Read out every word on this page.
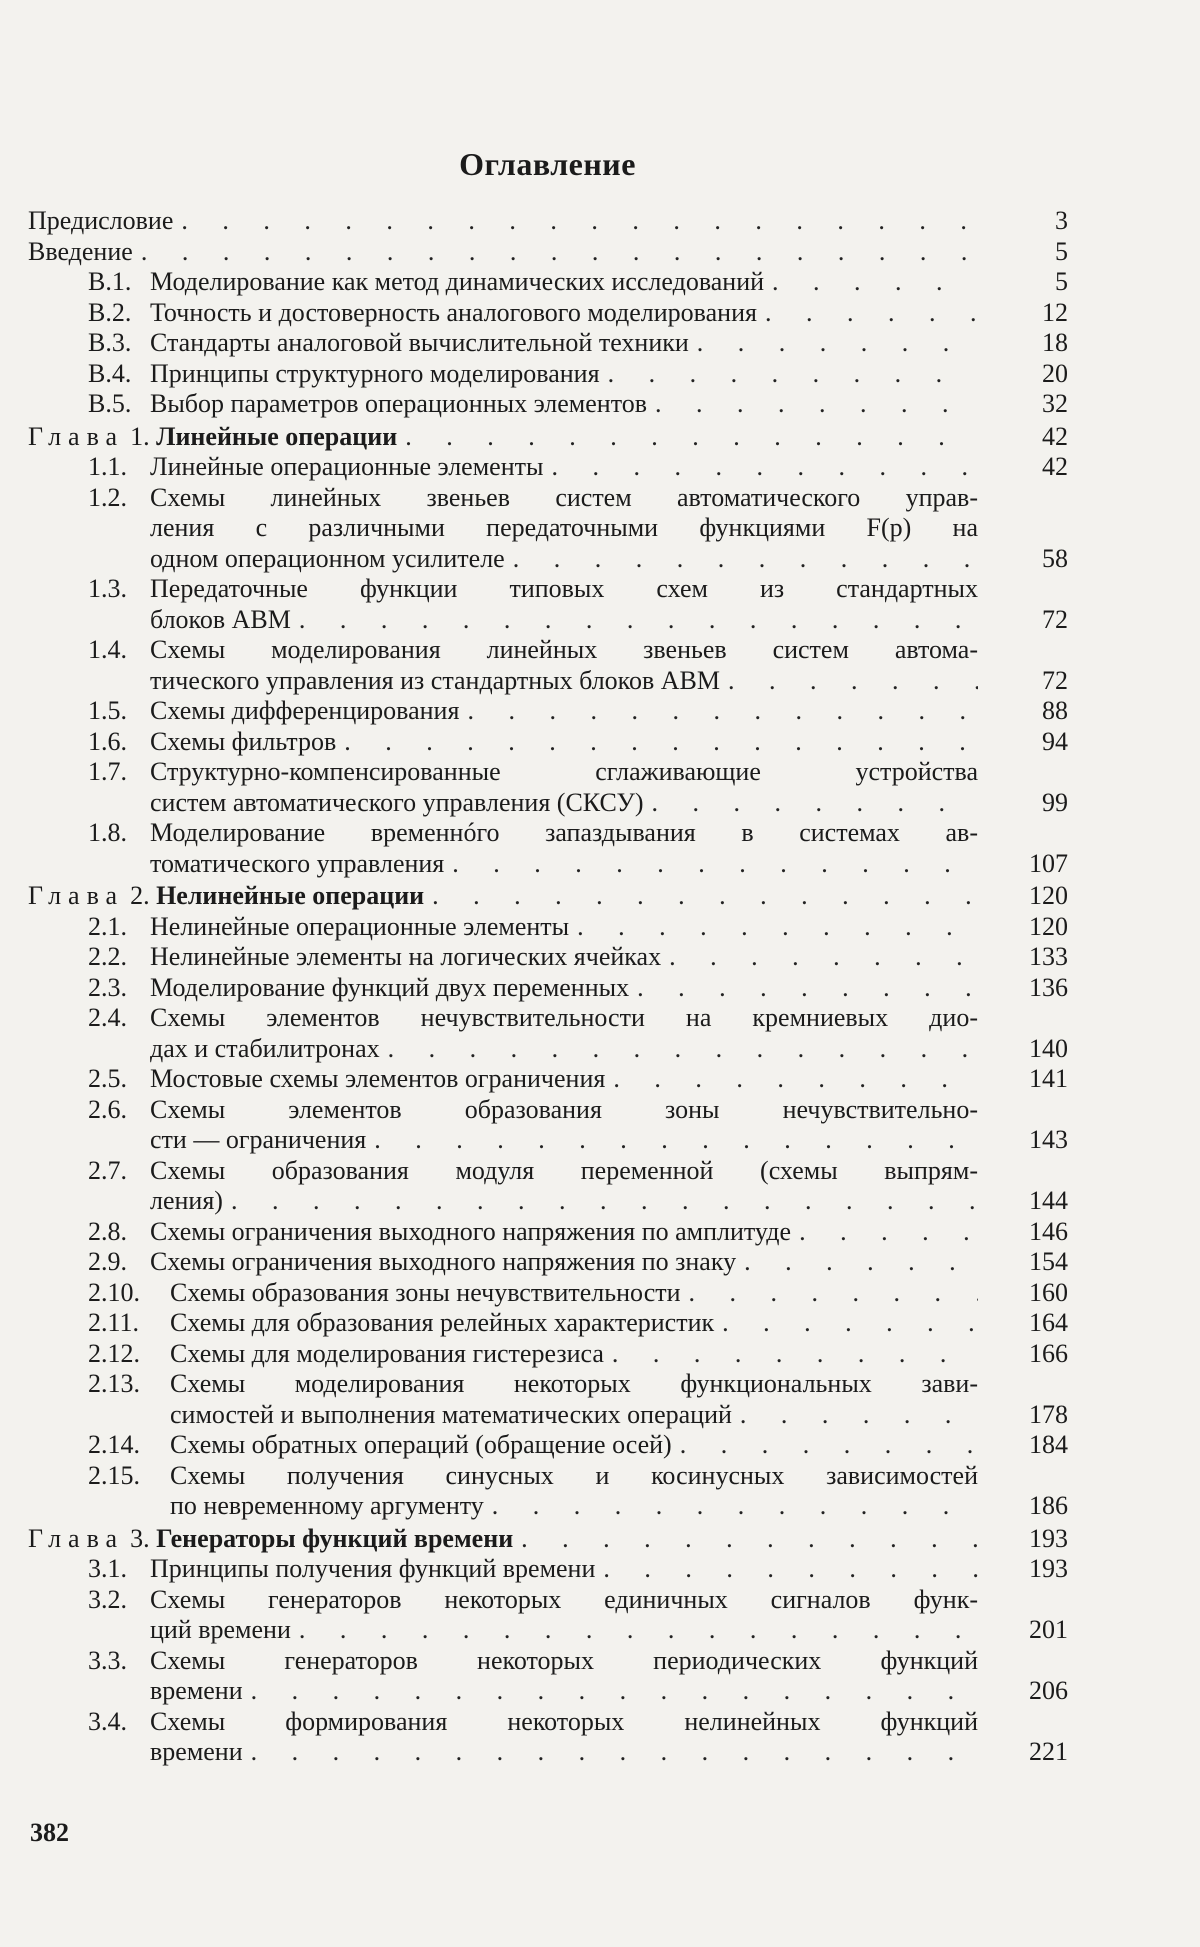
Оглавление
Предисловие . . . . . . . . . . . . . . . . . . .	3
Введение . . . . . . . . . . . . . . . . . . . .	5
B.1. Моделирование как метод динамических исследований . . . . .	5
B.2. Точность и достоверность аналогового моделирования . . . . .	12
B.3. Стандарты аналоговой вычислительной техники . . . . . . .	18
B.4. Принципы структурного моделирования . . . . . . . . .	20
B.5. Выбор параметров операционных элементов . . . . . . . .	32
Глава 1. Линейные операции . . . . . . . . . . . . . .	42
1.1. Линейные операционные элементы . . . . . . . . . .	42
1.2. Схемы линейных звеньев систем автоматического управ-
ления с различными передаточными функциями F(p) на
одном операционном усилителе . . . . . . . . . . .	58
1.3. Передаточные функции типовых схем из стандартных
блоков АВМ . . . . . . . . . . . . . . . . .	72
1.4. Схемы моделирования линейных звеньев систем автома-
тического управления из стандартных блоков АВМ . . . . . .	72
1.5. Схемы дифференцирования . . . . . . . . . . . . .	88
1.6. Схемы фильтров . . . . . . . . . . . . . . . .	94
1.7. Структурно-компенсированные сглаживающие устройства
систем автоматического управления (СКСУ) . . . . . . . .	99
1.8. Моделирование временнóго запаздывания в системах ав-
томатического управления . . . . . . . . . . . . .	107
Глава 2. Нелинейные операции . . . . . . . . . . . . .	120
2.1. Нелинейные операционные элементы . . . . . . . . . .	120
2.2. Нелинейные элементы на логических ячейках . . . . . . . .	133
2.3. Моделирование функций двух переменных . . . . . . . .	136
2.4. Схемы элементов нечувствительности на кремниевых дио-
дах и стабилитронах . . . . . . . . . . . . . .	140
2.5. Мостовые схемы элементов ограничения . . . . . . . . .	141
2.6. Схемы элементов образования зоны нечувствительно-
сти — ограничения . . . . . . . . . . . . . . .	143
2.7. Схемы образования модуля переменной (схемы выпрям-
ления) . . . . . . . . . . . . . . . . . .	144
2.8. Схемы ограничения выходного напряжения по амплитуде . . . .	146
2.9. Схемы ограничения выходного напряжения по знаку . . . . . .	154
2.10.	Схемы образования зоны нечувствительности . . . . . . .	160
2.11.	Схемы для образования релейных характеристик . . . . . .	164
2.12.	Схемы для моделирования гистерезиса . . . . . . . . .	166
2.13.	Схемы моделирования некоторых функциональных зави-
симостей и выполнения математических операций . . . . . .	178
2.14.	Схемы обратных операций (обращение осей) . . . . . . .	184
2.15.	Схемы получения синусных и косинусных зависимостей
по невременному аргументу . . . . . . . . . . . .	186
Глава 3. Генераторы функций времени . . . . . . . . . . .	193
3.1. Принципы получения функций времени . . . . . . . . .	193
3.2. Схемы генераторов некоторых единичных сигналов функ-
ций времени . . . . . . . . . . . . . . . . .	201
3.3. Схемы генераторов некоторых периодических функций
времени . . . . . . . . . . . . . . . . . .	206
3.4. Схемы формирования некоторых нелинейных функций
времени . . . . . . . . . . . . . . . . . .	221
382
